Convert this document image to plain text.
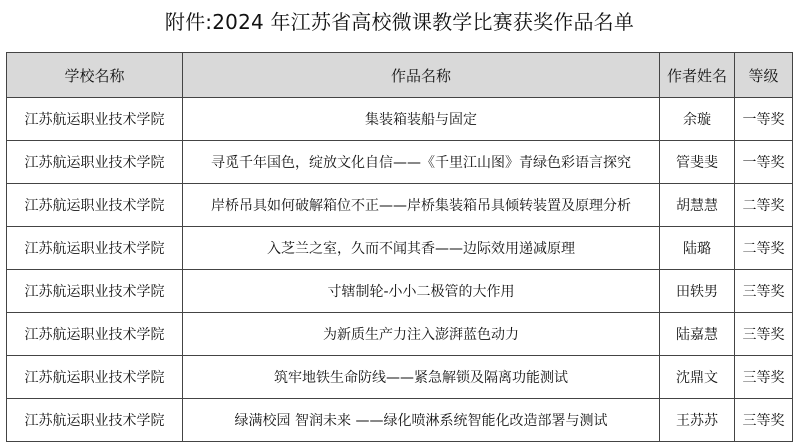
附件:2024 年江苏省高校微课教学比赛获奖作品名单
学校名称	作品名称	作者姓名	等级
江苏航运职业技术学院	集装箱装船与固定	余璇	一等奖
江苏航运职业技术学院	寻觅千年国色，绽放文化自信——《千里江山图》青绿色彩语言探究	管斐斐	一等奖
江苏航运职业技术学院	岸桥吊具如何破解箱位不正——岸桥集装箱吊具倾转装置及原理分析	胡慧慧	二等奖
江苏航运职业技术学院	入芝兰之室，久而不闻其香——边际效用递减原理	陆璐	二等奖
江苏航运职业技术学院	寸辖制轮-小小二极管的大作用	田轶男	三等奖
江苏航运职业技术学院	为新质生产力注入澎湃蓝色动力	陆嘉慧	三等奖
江苏航运职业技术学院	筑牢地铁生命防线——紧急解锁及隔离功能测试	沈鼎文	三等奖
江苏航运职业技术学院	绿满校园 智润未来 ——绿化喷淋系统智能化改造部署与测试	王苏苏	三等奖
